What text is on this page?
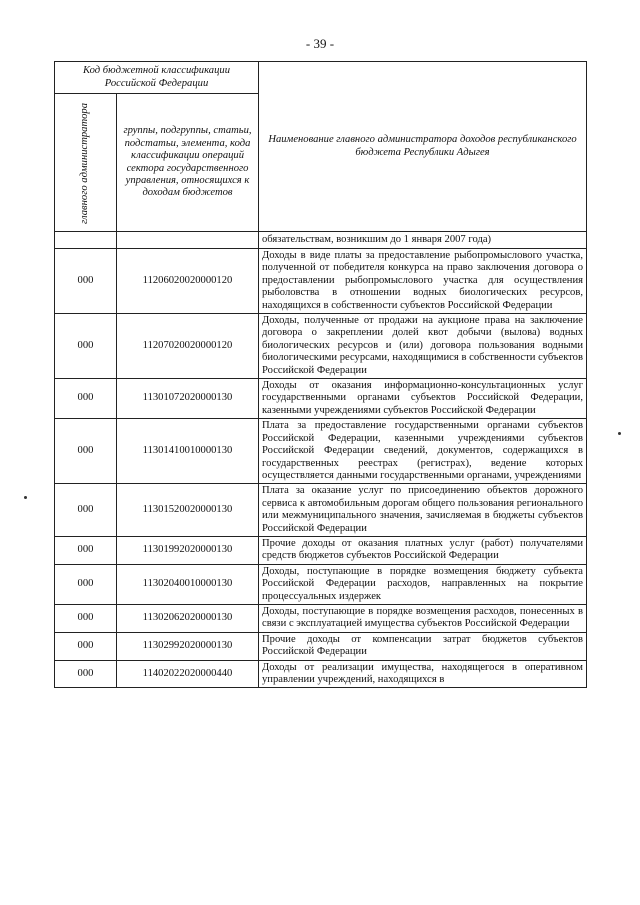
- 39 -
Код бюджетной классификации Российской Федерации		Наименование главного администратора доходов республиканского бюджета Республики Адыгея

главного администратора	группы, подгруппы, статьи, подстатьи, элемента, кода классификации операций сектора государственного управления, относящихся к доходам бюджетов	
		обязательствам, возникшим до 1 января 2007 года)
000	11206020020000120	Доходы в виде платы за предоставление рыбопромыслового участка, полученной от победителя конкурса на право заключения договора о предоставлении рыбопромыслового участка для осуществления рыболовства в отношении водных биологических ресурсов, находящихся в собственности субъектов Российской Федерации
000	11207020020000120	Доходы, полученные от продажи на аукционе права на заключение договора о закреплении долей квот добычи (вылова) водных биологических ресурсов и (или) договора пользования водными биологическими ресурсами, находящимися в собственности субъектов Российской Федерации
000	11301072020000130	Доходы от оказания информационно-консультационных услуг государственными органами субъектов Российской Федерации, казенными учреждениями субъектов Российской Федерации
000	11301410010000130	Плата за предоставление государственными органами субъектов Российской Федерации, казенными учреждениями субъектов Российской Федерации сведений, документов, содержащихся в государственных реестрах (регистрах), ведение которых осуществляется данными государственными органами, учреждениями
000	11301520020000130	Плата за оказание услуг по присоединению объектов дорожного сервиса к автомобильным дорогам общего пользования регионального или межмуниципального значения, зачисляемая в бюджеты субъектов Российской Федерации
000	11301992020000130	Прочие доходы от оказания платных услуг (работ) получателями средств бюджетов субъектов Российской Федерации
000	11302040010000130	Доходы, поступающие в порядке возмещения бюджету субъекта Российской Федерации расходов, направленных на покрытие процессуальных издержек
000	11302062020000130	Доходы, поступающие в порядке возмещения расходов, понесенных в связи с эксплуатацией имущества субъектов Российской Федерации
000	11302992020000130	Прочие доходы от компенсации затрат бюджетов субъектов Российской Федерации
000	11402022020000440	Доходы от реализации имущества, находящегося в оперативном управлении учреждений, находящихся в
